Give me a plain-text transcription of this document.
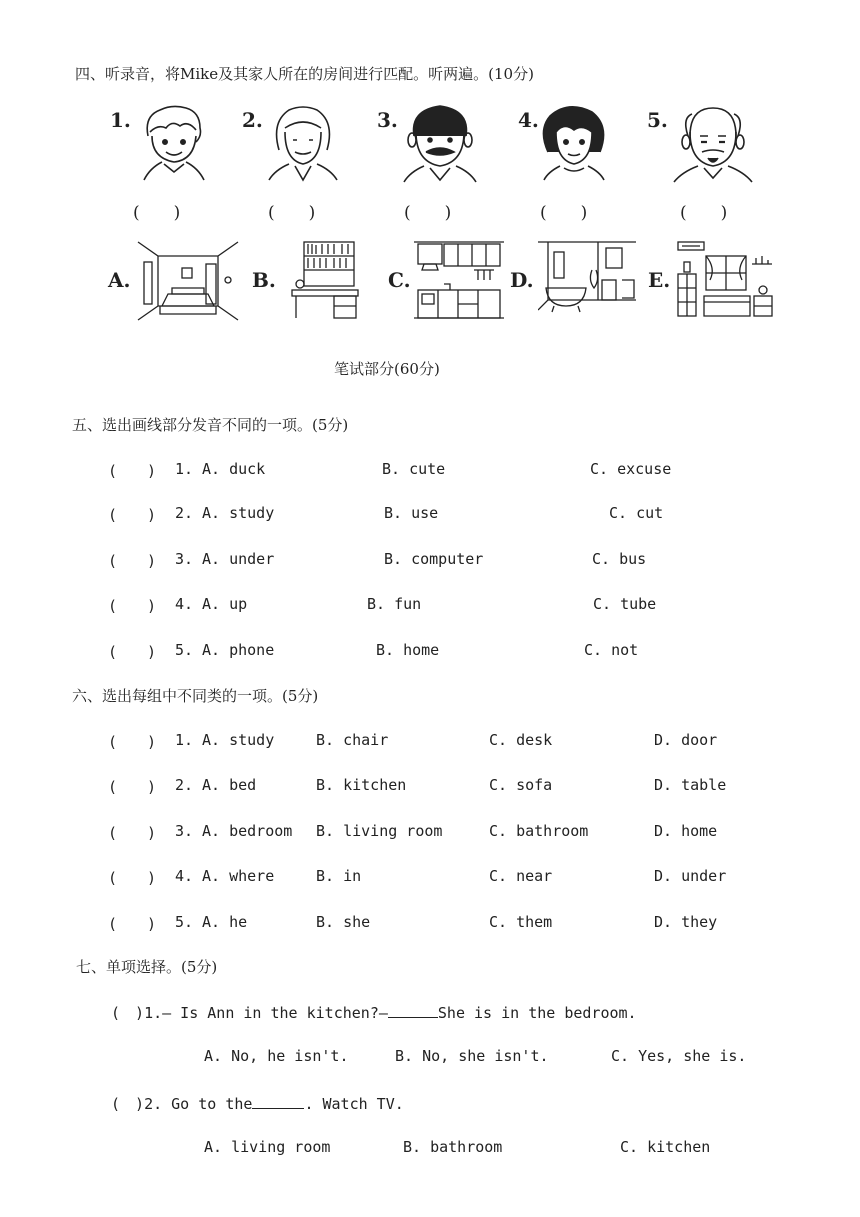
四、听录音，将Mike及其家人所在的房间进行匹配。听两遍。(10分)
1.	2.	3.	4.	5.
(　　)	(　　)	(　　)	(　　)	(　　)
A.	B.	C.	D.	E.
笔试部分(60分)
五、选出画线部分发音不同的一项。(5分)
(　　) 1. A. duck	B. cute	C. excuse
(　　) 2. A. study	B. use	C. cut
(　　) 3. A. under	B. computer	C. bus
(　　) 4. A. up	B. fun	C. tube
(　　) 5. A. phone	B. home	C. not
六、选出每组中不同类的一项。(5分)
(　　) 1. A. study	B. chair	C. desk	D. door
(　　) 2. A. bed	B. kitchen	C. sofa	D. table
(　　) 3. A. bedroom B. living room	C. bathroom	D. home
(　　) 4. A. where	B. in	C. near	D. under
(　　) 5. A. he	B. she	C. them	D. they
七、单项选择。(5分)
(　)1.— Is Ann in the kitchen?—	She is in the bedroom.
A. No, he isn't.	B. No, she isn't.	C. Yes, she is.
(　)2. Go to the	. Watch TV.
A. living room	B. bathroom	C. kitchen
